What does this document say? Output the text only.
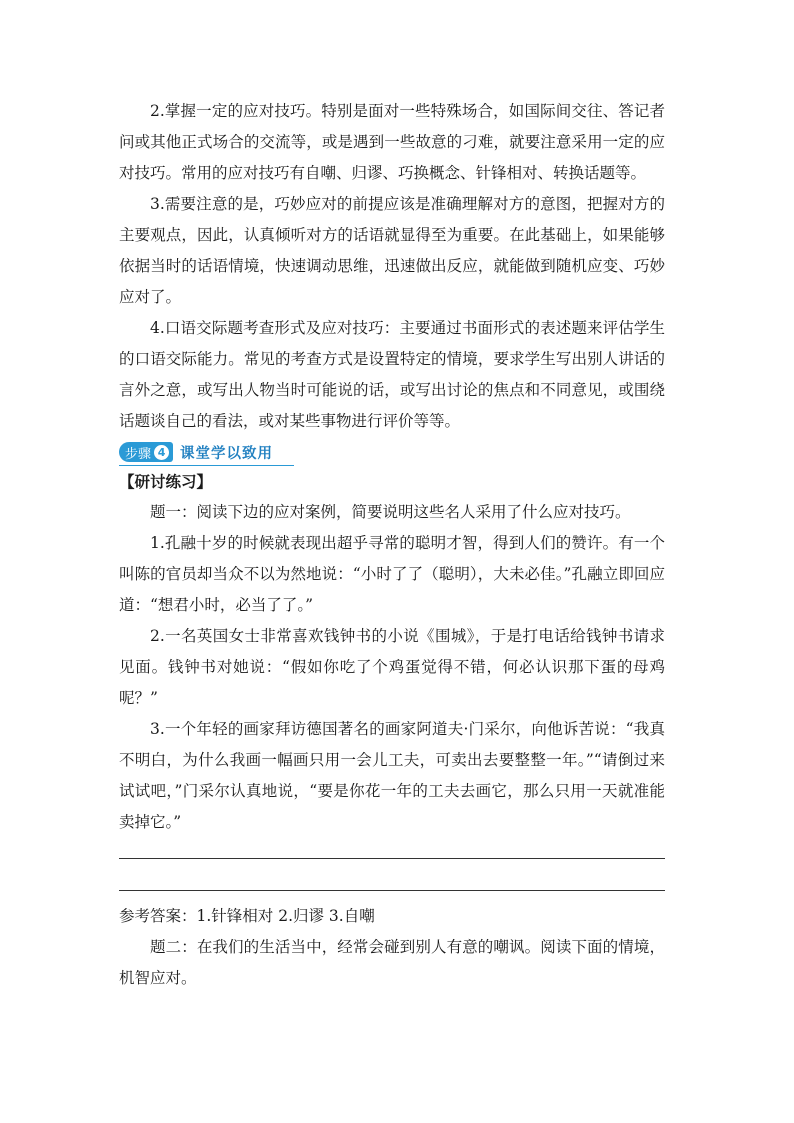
2.掌握一定的应对技巧。特别是面对一些特殊场合，如国际间交往、答记者问或其他正式场合的交流等，或是遇到一些故意的刁难，就要注意采用一定的应对技巧。常用的应对技巧有自嘲、归谬、巧换概念、针锋相对、转换话题等。

3.需要注意的是，巧妙应对的前提应该是准确理解对方的意图，把握对方的主要观点，因此，认真倾听对方的话语就显得至为重要。在此基础上，如果能够依据当时的话语情境，快速调动思维，迅速做出反应，就能做到随机应变、巧妙应对了。

4.口语交际题考查形式及应对技巧：主要通过书面形式的表述题来评估学生的口语交际能力。常见的考查方式是设置特定的情境，要求学生写出别人讲话的言外之意，或写出人物当时可能说的话，或写出讨论的焦点和不同意见，或围绕话题谈自己的看法，或对某些事物进行评价等等。

步骤 4 课堂学以致用

【研讨练习】

题一：阅读下边的应对案例，简要说明这些名人采用了什么应对技巧。

1.孔融十岁的时候就表现出超乎寻常的聪明才智，得到人们的赞许。有一个叫陈的官员却当众不以为然地说：“小时了了（聪明），大未必佳。”孔融立即回应道：“想君小时，必当了了。”

2.一名英国女士非常喜欢钱钟书的小说《围城》，于是打电话给钱钟书请求见面。钱钟书对她说：“假如你吃了个鸡蛋觉得不错，何必认识那下蛋的母鸡呢？”

3.一个年轻的画家拜访德国著名的画家阿道夫·门采尔，向他诉苦说：“我真不明白，为什么我画一幅画只用一会儿工夫，可卖出去要整整一年。”“请倒过来试试吧，”门采尔认真地说，“要是你花一年的工夫去画它，那么只用一天就准能卖掉它。”

参考答案：1.针锋相对 2.归谬 3.自嘲

题二：在我们的生活当中，经常会碰到别人有意的嘲讽。阅读下面的情境，机智应对。
